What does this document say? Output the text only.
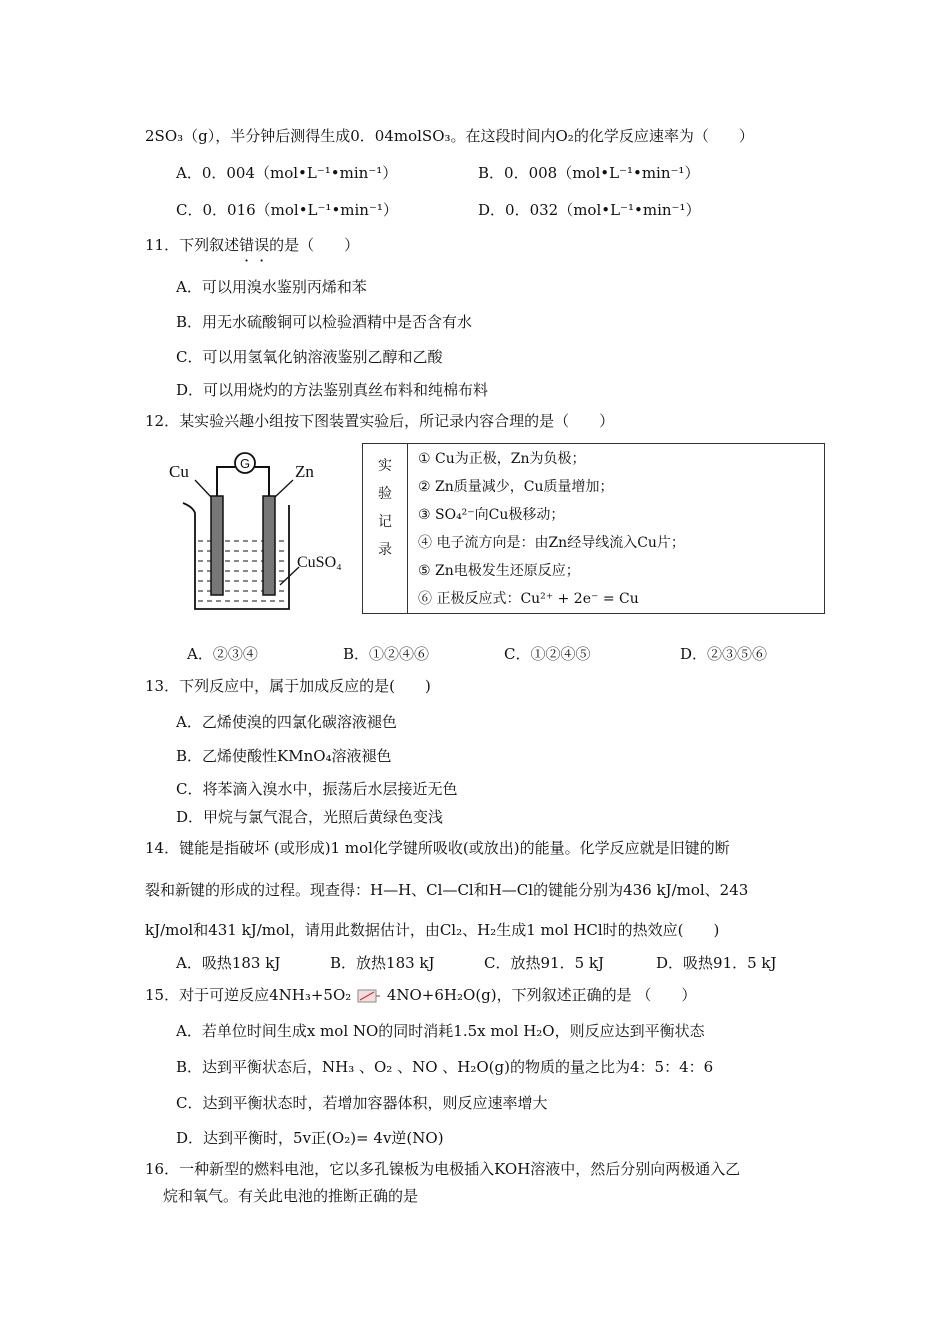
2SO₃（g），半分钟后测得生成0．04molSO₃。在这段时间内O₂的化学反应速率为（　　）
A．0．004（mol•L⁻¹•min⁻¹）	B．0．008（mol•L⁻¹•min⁻¹）
C．0．016（mol•L⁻¹•min⁻¹）	D．0．032（mol•L⁻¹•min⁻¹）
11．下列叙述错误的是（　　）
A．可以用溴水鉴别丙烯和苯
B．用无水硫酸铜可以检验酒精中是否含有水
C．可以用氢氧化钠溶液鉴别乙醇和乙酸
D．可以用烧灼的方法鉴别真丝布料和纯棉布料
12．某实验兴趣小组按下图装置实验后，所记录内容合理的是（　　）
G
Cu	Zn
CuSO₄
实
验
记
录

① Cu为正极，Zn为负极；
② Zn质量减少，Cu质量增加；
③ SO₄²⁻向Cu极移动；
④ 电子流方向是：由Zn经导线流入Cu片；
⑤ Zn电极发生还原反应；
⑥ 正极反应式：Cu²⁺ + 2e⁻ = Cu
A．②③④	B．①②④⑥	C．①②④⑤	D．②③⑤⑥
13．下列反应中，属于加成反应的是(　　)
A．乙烯使溴的四氯化碳溶液褪色
B．乙烯使酸性KMnO₄溶液褪色
C．将苯滴入溴水中，振荡后水层接近无色
D．甲烷与氯气混合，光照后黄绿色变浅
14．键能是指破坏 (或形成)1 mol化学键所吸收(或放出)的能量。化学反应就是旧键的断
裂和新键的形成的过程。现查得：H—H、Cl—Cl和H—Cl的键能分别为436 kJ/mol、243
kJ/mol和431 kJ/mol，请用此数据估计，由Cl₂、H₂生成1 mol HCl时的热效应(　　)
A．吸热183 kJ	B．放热183 kJ	C．放热91．5 kJ	D．吸热91．5 kJ
15．对于可逆反应4NH₃+5O₂ 4NO+6H₂O(g)，下列叙述正确的是 （　　）
A．若单位时间生成x mol NO的同时消耗1.5x mol H₂O，则反应达到平衡状态
B．达到平衡状态后，NH₃ 、O₂ 、NO 、H₂O(g)的物质的量之比为4：5：4：6
C．达到平衡状态时，若增加容器体积，则反应速率增大
D．达到平衡时，5v正(O₂)= 4v逆(NO)
16．一种新型的燃料电池，它以多孔镍板为电极插入KOH溶液中，然后分别向两极通入乙
烷和氧气。有关此电池的推断正确的是
